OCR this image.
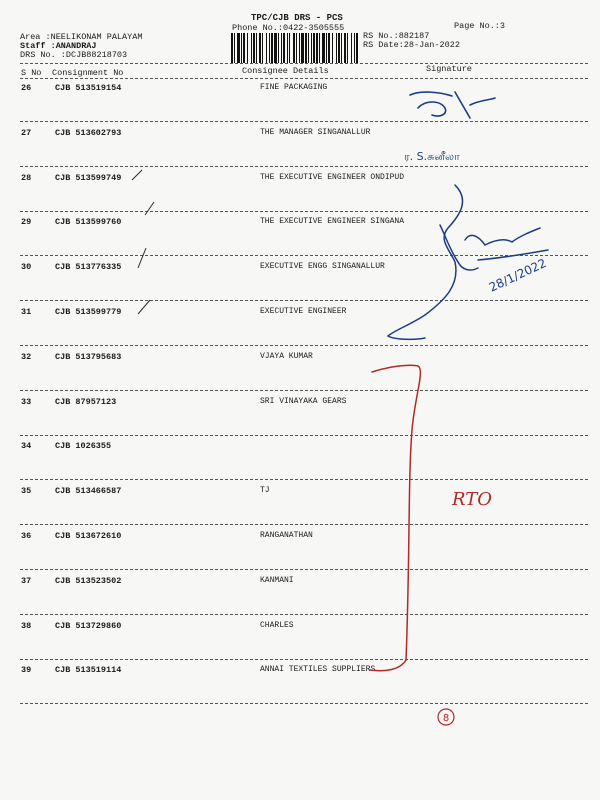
TPC/CJB DRS - PCS
Phone No.:0422-3505555	Page No.:3
RS No.:882187
RS Date:28-Jan-2022
Area :NEELIKONAM PALAYAM
Staff :ANANDRAJ
DRS No. :DCJB88218703
S No Consignment No	Consignee Details	Signature
26	CJB 513519154	FINE PACKAGING
27	CJB 513602793	THE MANAGER SINGANALLUR
28	CJB 513599749	THE EXECUTIVE ENGINEER ONDIPUD
29	CJB 513599760	THE EXECUTIVE ENGINEER SINGANA
30	CJB 513776335	EXECUTIVE ENGG SINGANALLUR
31	CJB 513599779	EXECUTIVE ENGINEER
32	CJB 513795683	VJAYA KUMAR
33	CJB 87957123	SRI VINAYAKA GEARS
34	CJB 1026355
35	CJB 513466587	TJ
36	CJB 513672610	RANGANATHAN
37	CJB 513523502	KANMANI
38	CJB 513729860	CHARLES
39	CJB 513519114	ANNAI TEXTILES SUPPLIERS
ர. S.சுனீலா
28/1/2022
RTO
8
